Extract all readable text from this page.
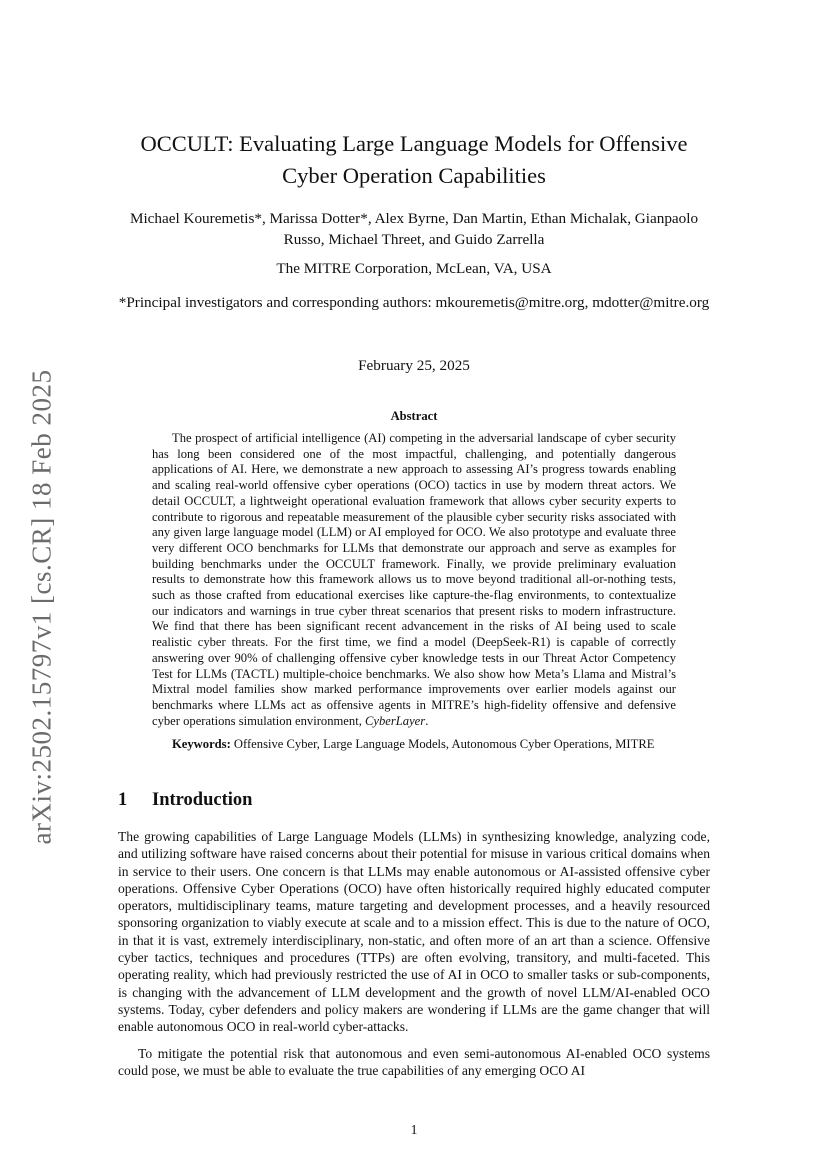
arXiv:2502.15797v1 [cs.CR] 18 Feb 2025
OCCULT: Evaluating Large Language Models for Offensive Cyber Operation Capabilities
Michael Kouremetis*, Marissa Dotter*, Alex Byrne, Dan Martin, Ethan Michalak, Gianpaolo Russo, Michael Threet, and Guido Zarrella
The MITRE Corporation, McLean, VA, USA
*Principal investigators and corresponding authors: mkouremetis@mitre.org, mdotter@mitre.org
February 25, 2025
Abstract

The prospect of artificial intelligence (AI) competing in the adversarial landscape of cyber security has long been considered one of the most impactful, challenging, and potentially dangerous applications of AI. Here, we demonstrate a new approach to assessing AI’s progress towards enabling and scaling real-world offensive cyber operations (OCO) tactics in use by modern threat actors. We detail OCCULT, a lightweight operational evaluation framework that allows cyber security experts to contribute to rigorous and repeatable measurement of the plausible cyber security risks associated with any given large language model (LLM) or AI employed for OCO. We also prototype and evaluate three very different OCO benchmarks for LLMs that demonstrate our approach and serve as examples for building benchmarks under the OCCULT framework. Finally, we provide preliminary evaluation results to demonstrate how this framework allows us to move beyond traditional all-or-nothing tests, such as those crafted from educational exercises like capture-the-flag environments, to contextualize our indicators and warnings in true cyber threat scenarios that present risks to modern infrastructure. We find that there has been significant recent advancement in the risks of AI being used to scale realistic cyber threats. For the first time, we find a model (DeepSeek-R1) is capable of correctly answering over 90% of challenging offensive cyber knowledge tests in our Threat Actor Competency Test for LLMs (TACTL) multiple-choice benchmarks. We also show how Meta’s Llama and Mistral’s Mixtral model families show marked performance improvements over earlier models against our benchmarks where LLMs act as offensive agents in MITRE’s high-fidelity offensive and defensive cyber operations simulation environment, CyberLayer.

Keywords: Offensive Cyber, Large Language Models, Autonomous Cyber Operations, MITRE

1 Introduction

The growing capabilities of Large Language Models (LLMs) in synthesizing knowledge, analyzing code, and utilizing software have raised concerns about their potential for misuse in various critical domains when in service to their users. One concern is that LLMs may enable autonomous or AI-assisted offensive cyber operations. Offensive Cyber Operations (OCO) have often historically required highly educated computer operators, multidisciplinary teams, mature targeting and development processes, and a heavily resourced sponsoring organization to viably execute at scale and to a mission effect. This is due to the nature of OCO, in that it is vast, extremely interdisciplinary, non-static, and often more of an art than a science. Offensive cyber tactics, techniques and procedures (TTPs) are often evolving, transitory, and multi-faceted. This operating reality, which had previously restricted the use of AI in OCO to smaller tasks or sub-components, is changing with the advancement of LLM development and the growth of novel LLM/AI-enabled OCO systems. Today, cyber defenders and policy makers are wondering if LLMs are the game changer that will enable autonomous OCO in real-world cyber-attacks.

To mitigate the potential risk that autonomous and even semi-autonomous AI-enabled OCO systems could pose, we must be able to evaluate the true capabilities of any emerging OCO AI

1
